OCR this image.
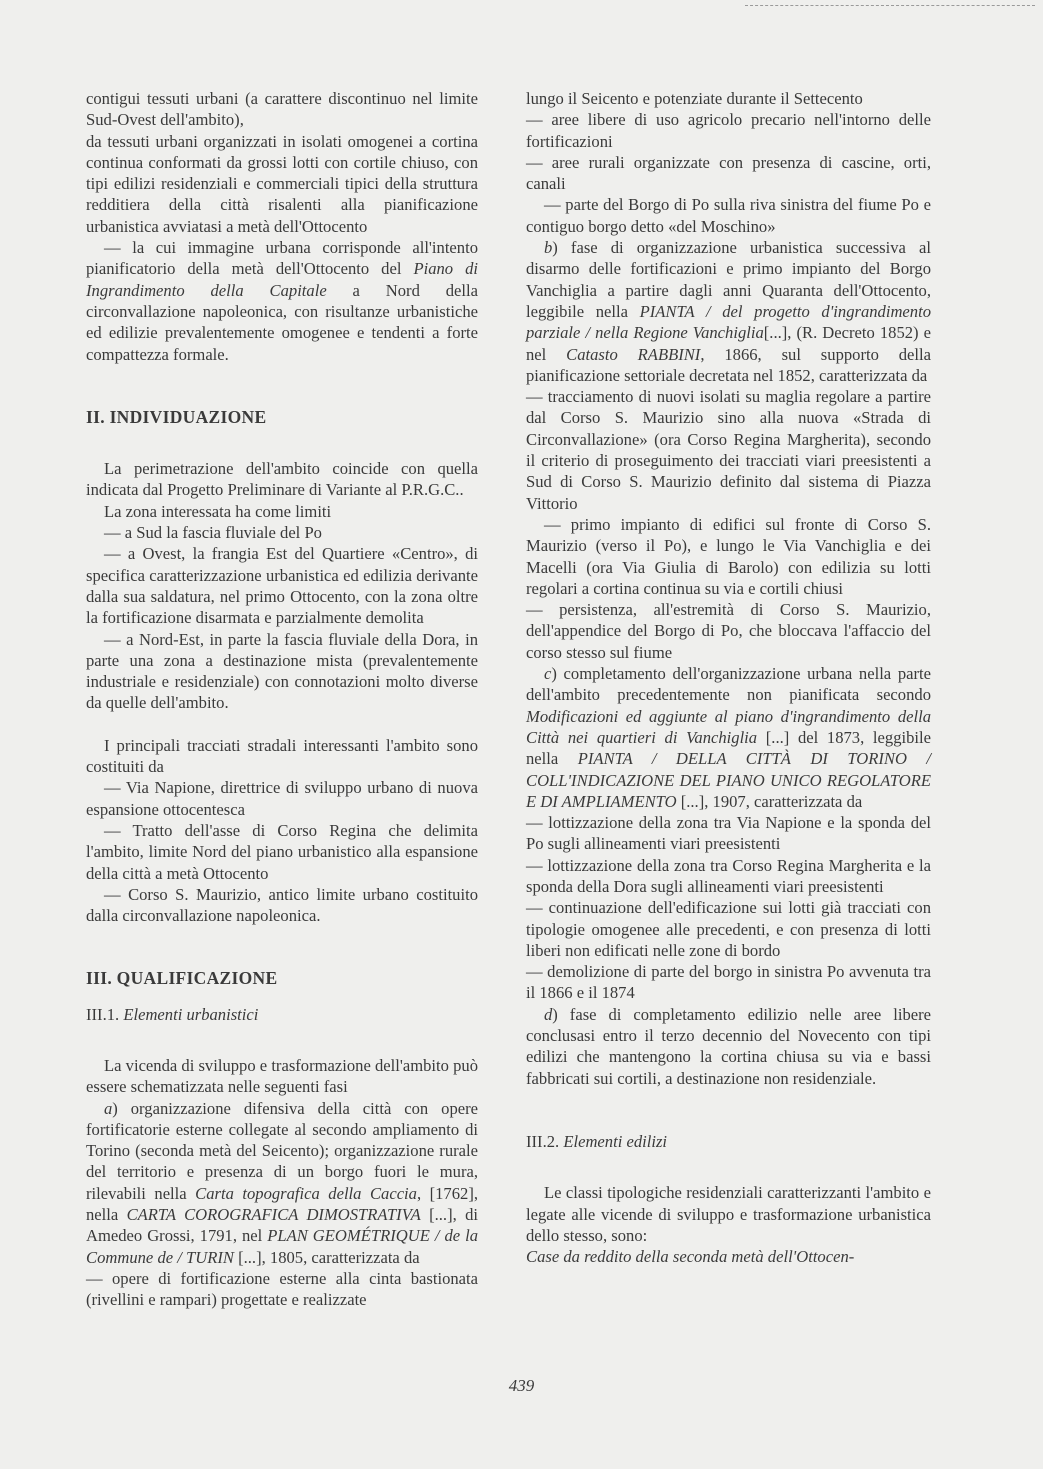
contigui tessuti urbani (a carattere discontinuo nel limite Sud-Ovest dell'ambito),

da tessuti urbani organizzati in isolati omogenei a cortina continua conformati da grossi lotti con cortile chiuso, con tipi edilizi residenziali e commerciali tipici della struttura redditiera della città risalenti alla pianificazione urbanistica avviatasi a metà dell'Ottocento

— la cui immagine urbana corrisponde all'intento pianificatorio della metà dell'Ottocento del Piano di Ingrandimento della Capitale a Nord della circonvallazione napoleonica, con risultanze urbanistiche ed edilizie prevalentemente omogenee e tendenti a forte compattezza formale.

II. INDIVIDUAZIONE

La perimetrazione dell'ambito coincide con quella indicata dal Progetto Preliminare di Variante al P.R.G.C..

La zona interessata ha come limiti

— a Sud la fascia fluviale del Po

— a Ovest, la frangia Est del Quartiere «Centro», di specifica caratterizzazione urbanistica ed edilizia derivante dalla sua saldatura, nel primo Ottocento, con la zona oltre la fortificazione disarmata e parzialmente demolita

— a Nord-Est, in parte la fascia fluviale della Dora, in parte una zona a destinazione mista (prevalentemente industriale e residenziale) con connotazioni molto diverse da quelle dell'ambito.

I principali tracciati stradali interessanti l'ambito sono costituiti da

— Via Napione, direttrice di sviluppo urbano di nuova espansione ottocentesca

— Tratto dell'asse di Corso Regina che delimita l'ambito, limite Nord del piano urbanistico alla espansione della città a metà Ottocento

— Corso S. Maurizio, antico limite urbano costituito dalla circonvallazione napoleonica.

III. QUALIFICAZIONE

III.1. Elementi urbanistici

La vicenda di sviluppo e trasformazione dell'ambito può essere schematizzata nelle seguenti fasi

a) organizzazione difensiva della città con opere fortificatorie esterne collegate al secondo ampliamento di Torino (seconda metà del Seicento); organizzazione rurale del territorio e presenza di un borgo fuori le mura, rilevabili nella Carta topografica della Caccia, [1762], nella CARTA COROGRAFICA DIMOSTRATIVA [...], di Amedeo Grossi, 1791, nel PLAN GEOMÉTRIQUE / de la Commune de / TURIN [...], 1805, caratterizzata da

— opere di fortificazione esterne alla cinta bastionata (rivellini e rampari) progettate e realizzate

lungo il Seicento e potenziate durante il Settecento

— aree libere di uso agricolo precario nell'intorno delle fortificazioni

— aree rurali organizzate con presenza di cascine, orti, canali

— parte del Borgo di Po sulla riva sinistra del fiume Po e contiguo borgo detto «del Moschino»

b) fase di organizzazione urbanistica successiva al disarmo delle fortificazioni e primo impianto del Borgo Vanchiglia a partire dagli anni Quaranta dell'Ottocento, leggibile nella PIANTA / del progetto d'ingrandimento parziale / nella Regione Vanchiglia[...], (R. Decreto 1852) e nel Catasto RABBINI, 1866, sul supporto della pianificazione settoriale decretata nel 1852, caratterizzata da

— tracciamento di nuovi isolati su maglia regolare a partire dal Corso S. Maurizio sino alla nuova «Strada di Circonvallazione» (ora Corso Regina Margherita), secondo il criterio di proseguimento dei tracciati viari preesistenti a Sud di Corso S. Maurizio definito dal sistema di Piazza Vittorio

— primo impianto di edifici sul fronte di Corso S. Maurizio (verso il Po), e lungo le Via Vanchiglia e dei Macelli (ora Via Giulia di Barolo) con edilizia su lotti regolari a cortina continua su via e cortili chiusi

— persistenza, all'estremità di Corso S. Maurizio, dell'appendice del Borgo di Po, che bloccava l'affaccio del corso stesso sul fiume

c) completamento dell'organizzazione urbana nella parte dell'ambito precedentemente non pianificata secondo Modificazioni ed aggiunte al piano d'ingrandimento della Città nei quartieri di Vanchiglia [...] del 1873, leggibile nella PIANTA / DELLA CITTÀ DI TORINO / COLL'INDICAZIONE DEL PIANO UNICO REGOLATORE E DI AMPLIAMENTO [...], 1907, caratterizzata da

— lottizzazione della zona tra Via Napione e la sponda del Po sugli allineamenti viari preesistenti

— lottizzazione della zona tra Corso Regina Margherita e la sponda della Dora sugli allineamenti viari preesistenti

— continuazione dell'edificazione sui lotti già tracciati con tipologie omogenee alle precedenti, e con presenza di lotti liberi non edificati nelle zone di bordo

— demolizione di parte del borgo in sinistra Po avvenuta tra il 1866 e il 1874

d) fase di completamento edilizio nelle aree libere conclusasi entro il terzo decennio del Novecento con tipi edilizi che mantengono la cortina chiusa su via e bassi fabbricati sui cortili, a destinazione non residenziale.

III.2. Elementi edilizi

Le classi tipologiche residenziali caratterizzanti l'ambito e legate alle vicende di sviluppo e trasformazione urbanistica dello stesso, sono:

Case da reddito della seconda metà dell'Ottocen-

439
